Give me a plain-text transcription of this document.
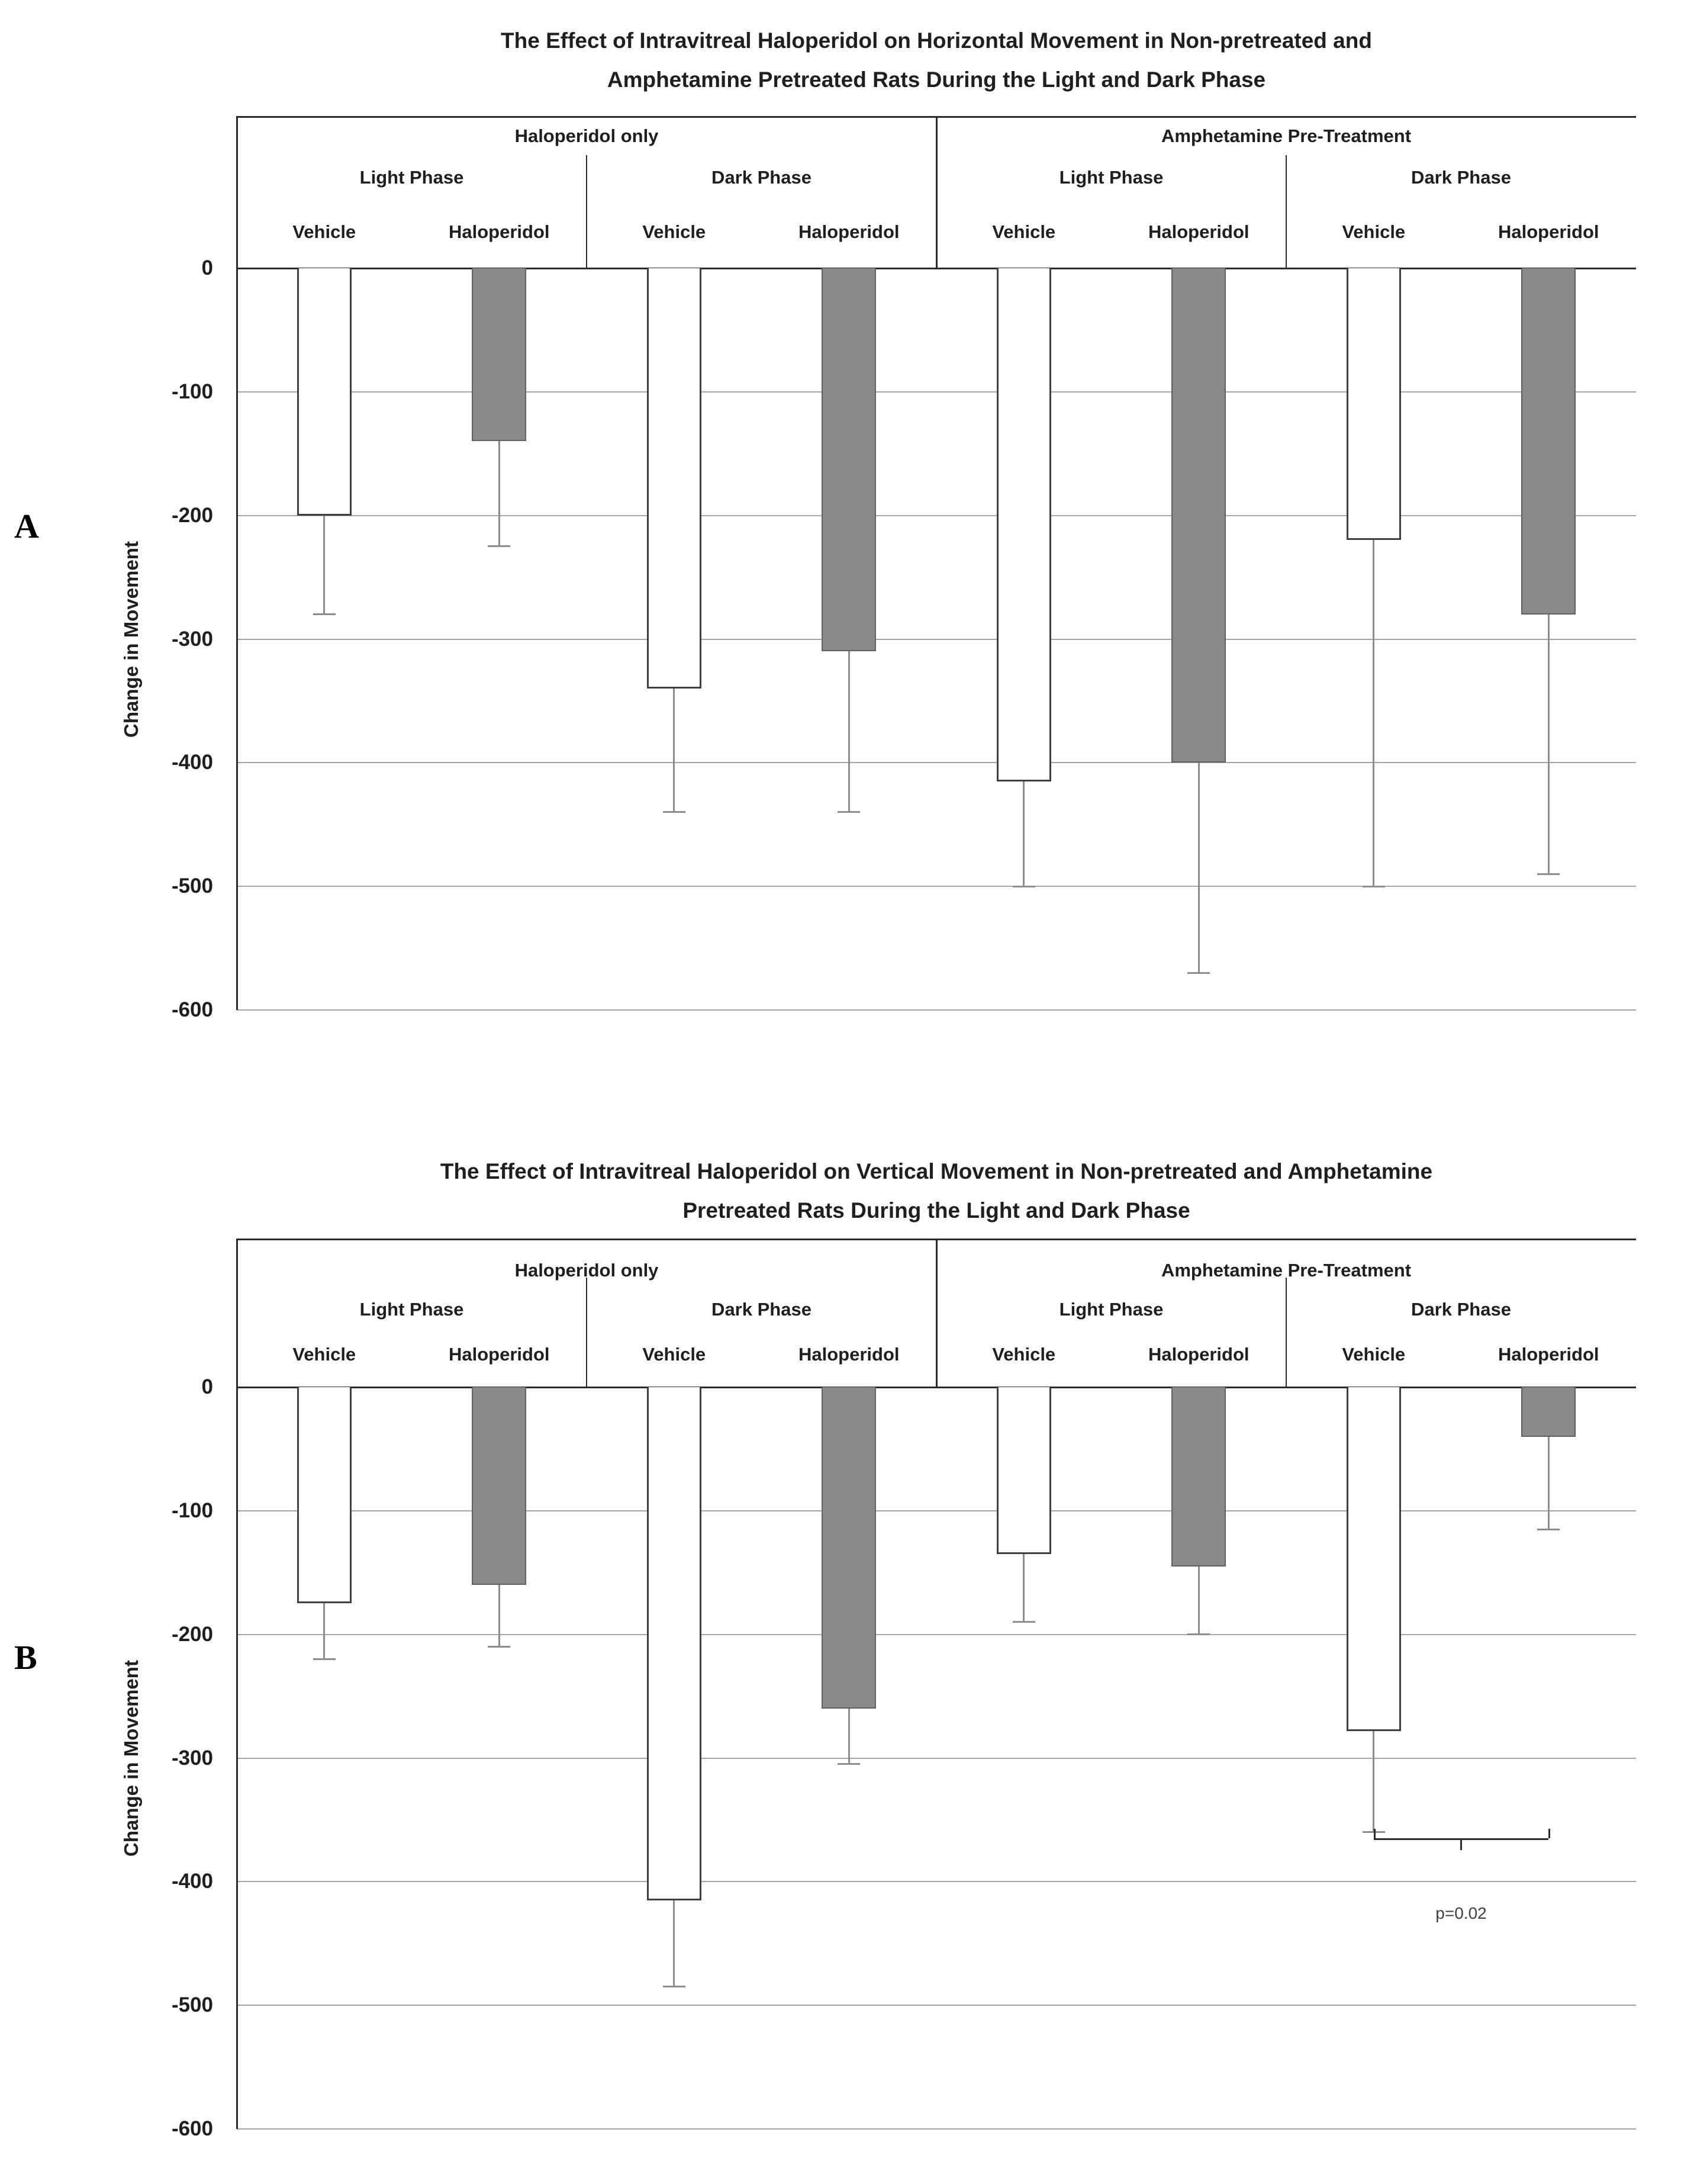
A
B
The Effect of Intravitreal Haloperidol on Horizontal Movement in Non-pretreated and
Amphetamine Pretreated Rats During the Light and Dark Phase
The Effect of Intravitreal Haloperidol on Vertical Movement in Non-pretreated and Amphetamine
Pretreated Rats During the Light and Dark Phase
0
-100
-200
-300
-400
-500
-600
Haloperidol only	Amphetamine Pre-Treatment
Light Phase	Dark Phase	Light Phase	Dark Phase
Change in Movement
Vehicle	Haloperidol	Vehicle	Haloperidol	Vehicle	Haloperidol	Vehicle	Haloperidol
0
-100
-200
-300
-400
-500
-600
Haloperidol only	Amphetamine Pre-Treatment
Light Phase	Dark Phase	Light Phase	Dark Phase
Change in Movement
Vehicle	Haloperidol	Vehicle	Haloperidol	Vehicle	Haloperidol	Vehicle	Haloperidol
p=0.02
